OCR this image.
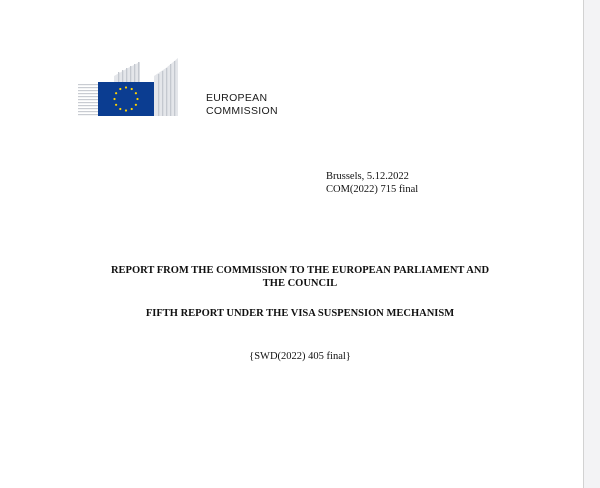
EUROPEAN
COMMISSION
Brussels, 5.12.2022
COM(2022) 715 final
REPORT FROM THE COMMISSION TO THE EUROPEAN PARLIAMENT AND
THE COUNCIL
FIFTH REPORT UNDER THE VISA SUSPENSION MECHANISM
{SWD(2022) 405 final}
